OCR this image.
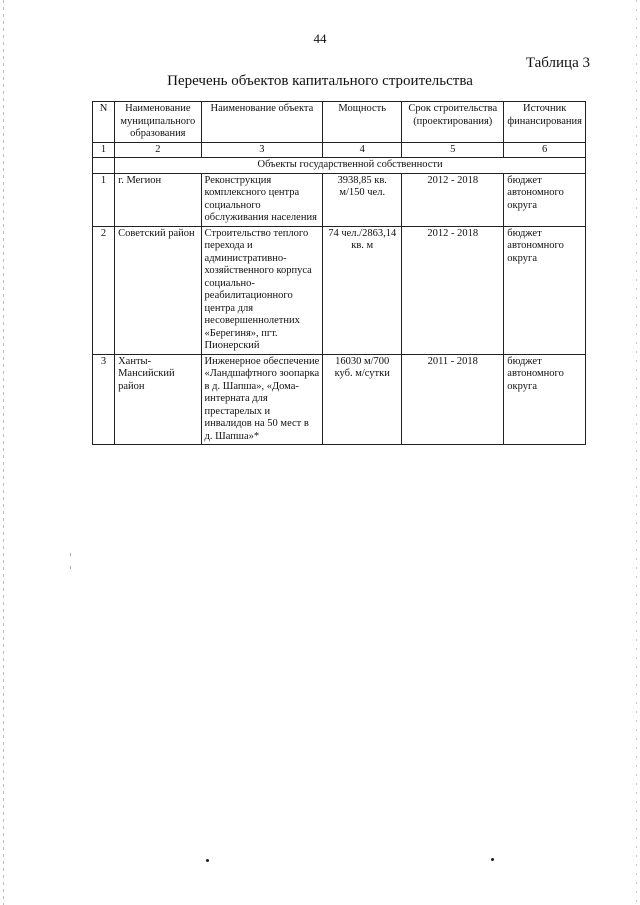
44
Таблица 3
Перечень объектов капитального строительства
N	Наименование муниципального образования	Наименование объекта	Мощность	Срок строительства (проектирования)	Источник финансирования
1	2	3	4	5	6
	Объекты государственной собственности				
1	г. Мегион	Реконструкция комплексного центра социального обслуживания населения	3938,85 кв. м/150 чел.	2012 - 2018	бюджет автономного округа
2	Советский район	Строительство теплого перехода и административно-хозяйственного корпуса социально-реабилитационного центра для несовершеннолетних «Берегиня», пгт. Пионерский	74 чел./2863,14 кв. м	2012 - 2018	бюджет автономного округа
3	Ханты-Мансийский район	Инженерное обеспечение «Ландшафтного зоопарка в д. Шапша», «Дома-интерната для престарелых и инвалидов на 50 мест в д. Шапша»*	16030 м/700 куб. м/сутки	2011 - 2018	бюджет автономного округа
